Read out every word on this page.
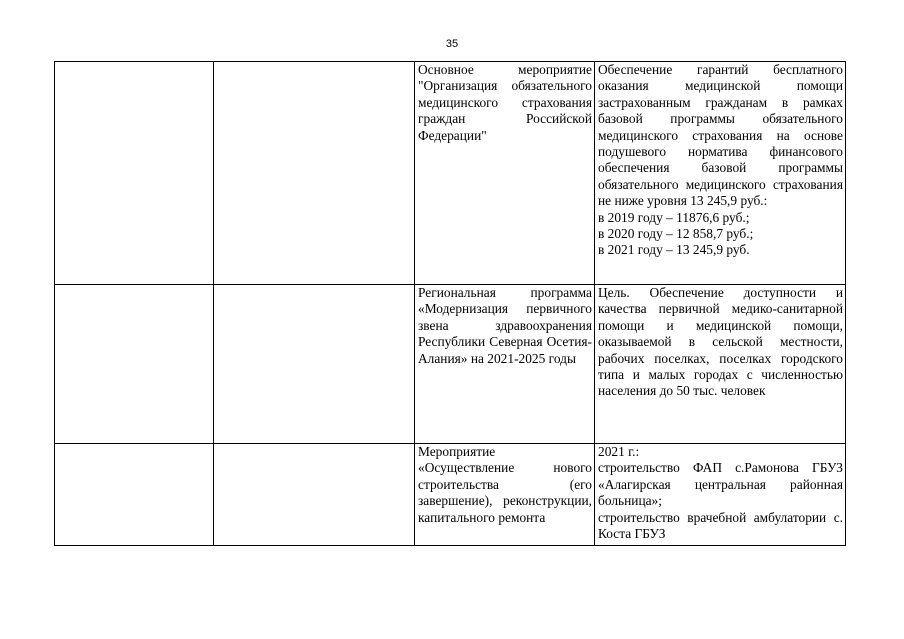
35

		Основное мероприятие "Организация обязательного медицинского страхования граждан Российской Федерации"	Обеспечение гарантий бесплатного оказания медицинской помощи застрахованным гражданам в рамках базовой программы обязательного медицинского страхования на основе подушевого норматива финансового обеспечения базовой программы обязательного медицинского страхования не ниже уровня 13 245,9 руб.:

в 2019 году – 11876,6 руб.;

в 2020 году – 12 858,7 руб.;

в 2021 году – 13 245,9 руб.

		Региональная программа «Модернизация первичного звена здравоохранения Республики Северная Осетия-Алания» на 2021-2025 годы	Цель. Обеспечение доступности и качества первичной медико-санитарной помощи и медицинской помощи, оказываемой в сельской местности, рабочих поселках, поселках городского типа и малых городах с численностью населения до 50 тыс. человек

		Мероприятие «Осуществление нового строительства (его завершение), реконструкции, капитального ремонта	2021 г.:

строительство ФАП с.Рамонова ГБУЗ «Алагирская центральная районная больница»;

строительство врачебной амбулатории с. Коста ГБУЗ
